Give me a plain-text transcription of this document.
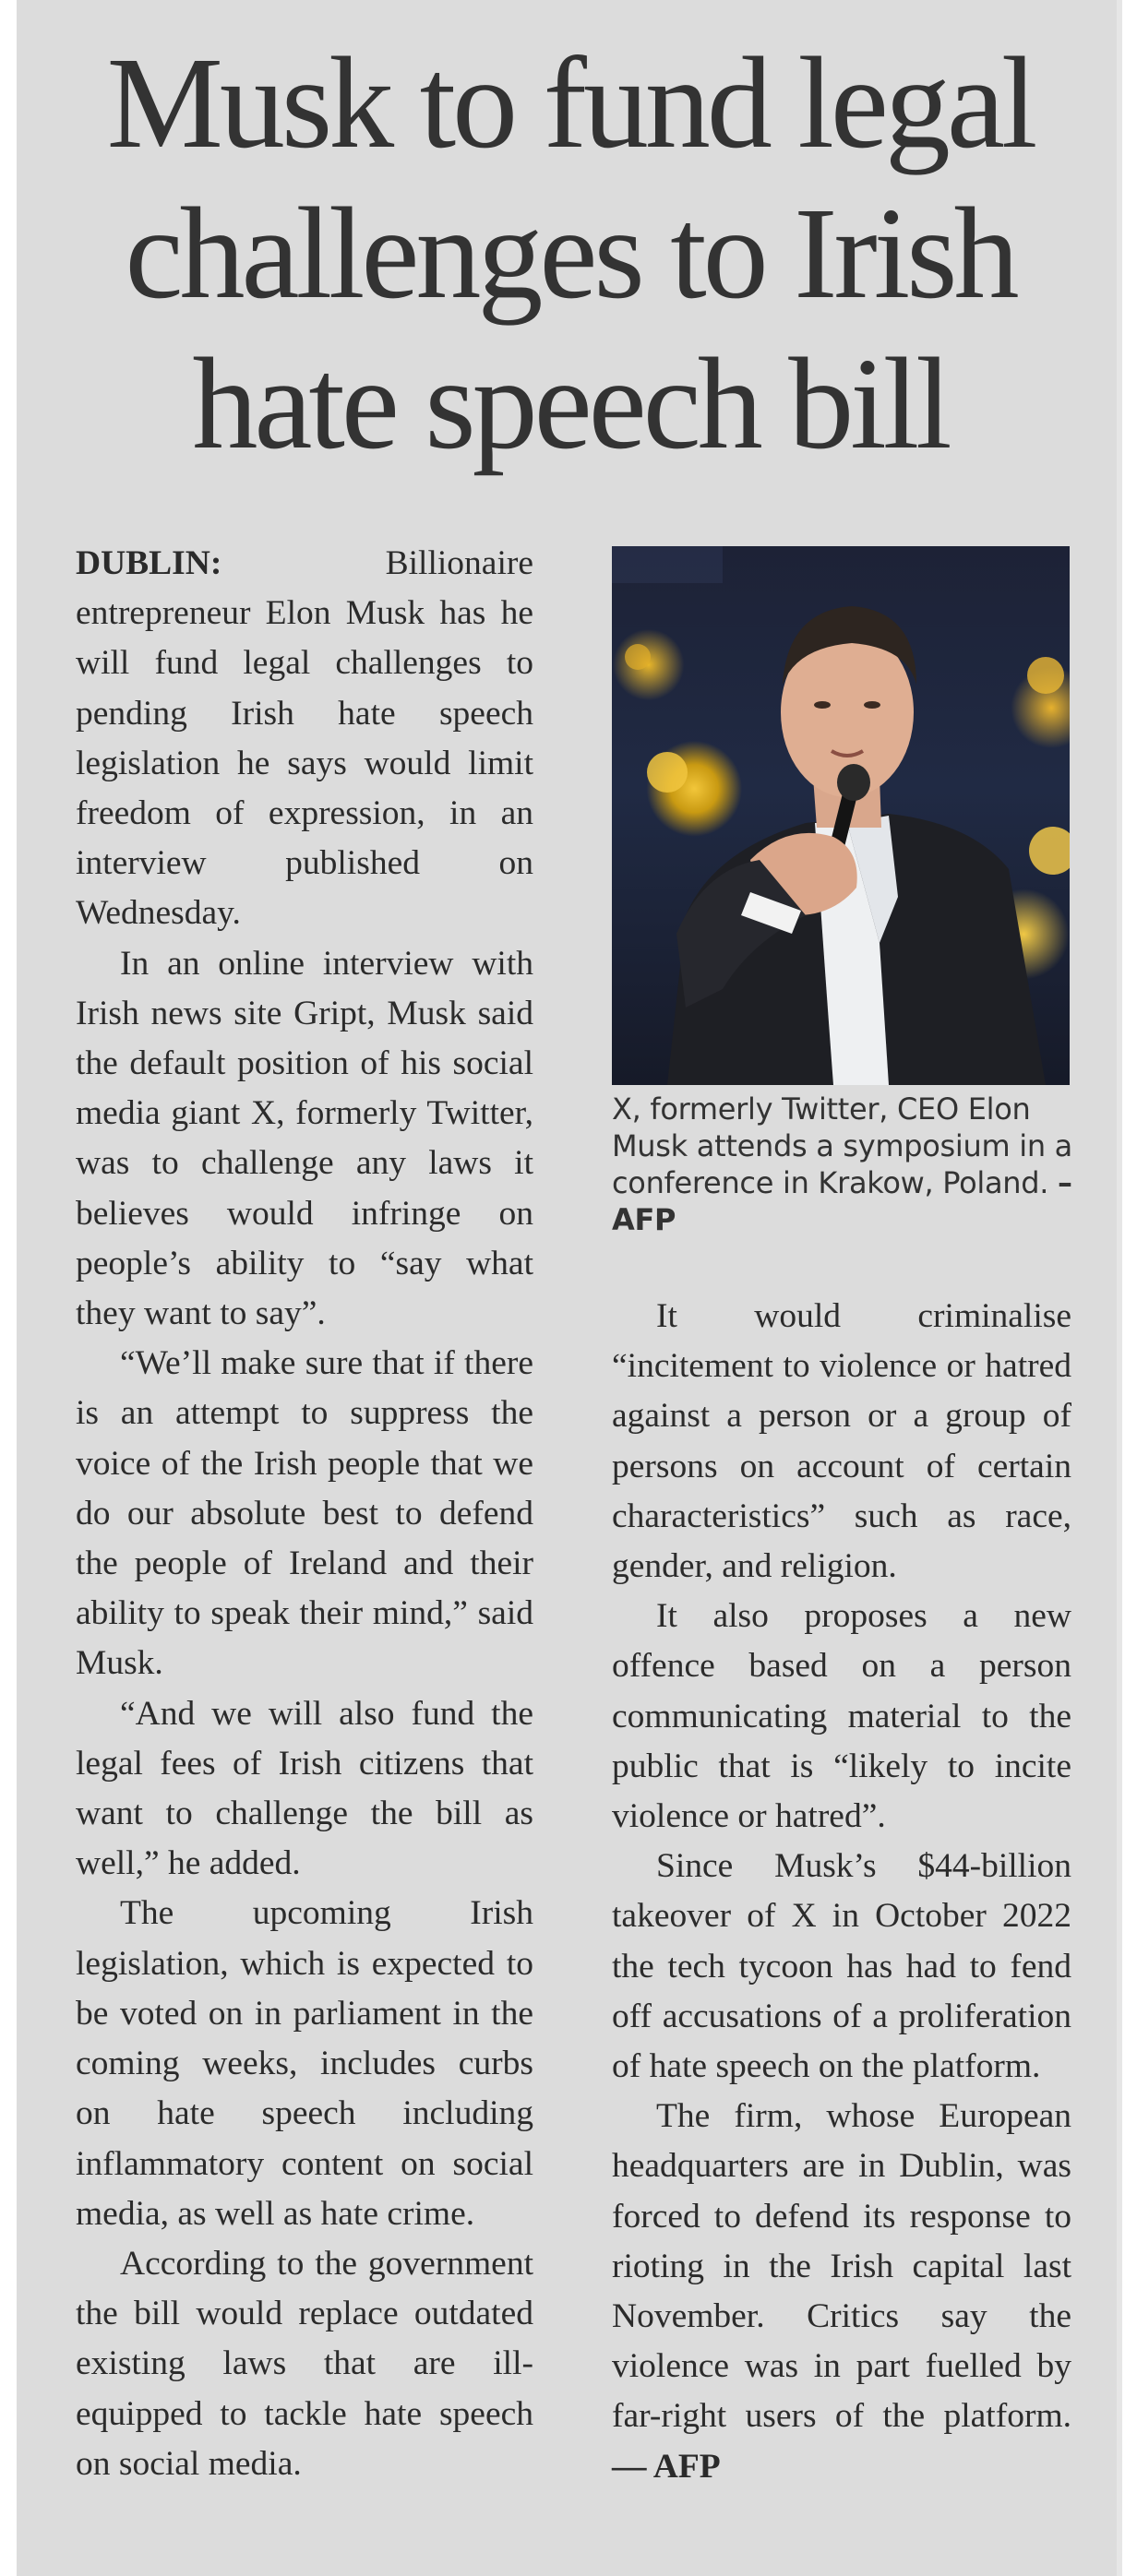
Musk to fund legal challenges to Irish hate speech bill

DUBLIN:	Billionaire entrepreneur Elon Musk has he will fund legal challenges to pending Irish hate speech legislation he says would limit freedom of expression, in an interview published on Wednesday.

In an online interview with Irish news site Gript, Musk said the default position of his social media giant X, formerly Twitter, was to challenge any laws it believes would infringe on people’s ability to “say what they want to say”.

“We’ll make sure that if there is an attempt to suppress the voice of the Irish people that we do our absolute best to defend the people of Ireland and their ability to speak their mind,” said Musk.

“And we will also fund the legal fees of Irish citizens that want to challenge the bill as well,” he added.

The upcoming Irish legislation, which is expected to be voted on in parliament in the coming weeks, includes curbs on hate speech including inflammatory content on social media, as well as hate crime.

According to the government the bill would replace outdated existing laws that are ill-equipped to tackle hate speech on social media.

X, formerly Twitter, CEO Elon Musk attends a symposium in a conference in Krakow, Poland. – AFP

It would criminalise “incitement to violence or hatred against a person or a group of persons on account of certain characteristics” such as race, gender, and religion.

It also proposes a new offence based on a person communicating material to the public that is “likely to incite violence or hatred”.

Since Musk’s $44-billion takeover of X in October 2022 the tech tycoon has had to fend off accusations of a proliferation of hate speech on the platform.

The firm, whose European headquarters are in Dublin, was forced to defend its response to rioting in the Irish capital last November. Critics say the violence was in part fuelled by far-right users of the platform. — AFP
